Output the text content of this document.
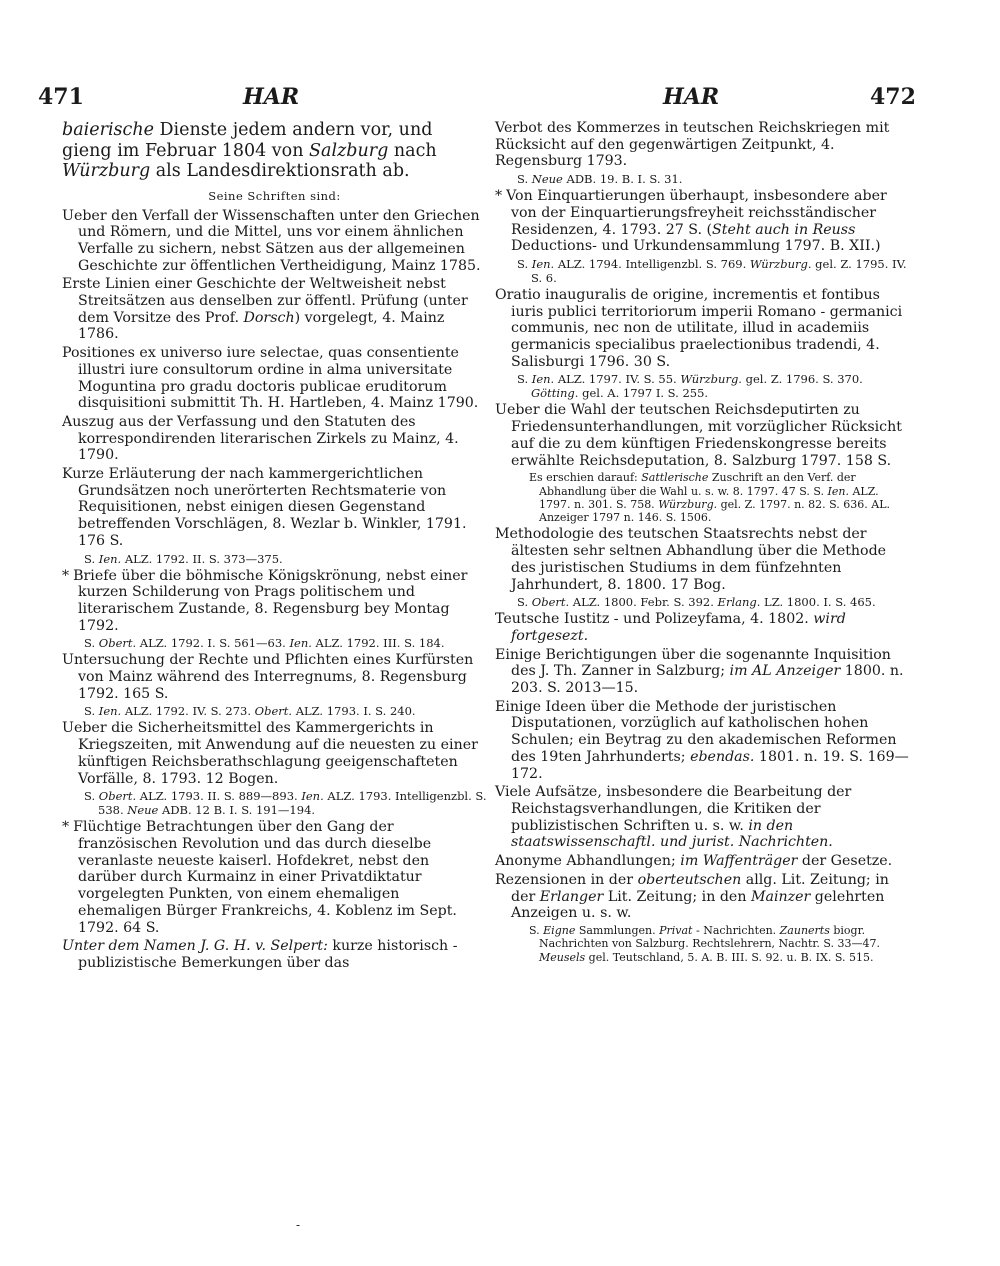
471	HAR	HAR	472

baierische Dienste jedem andern vor, und gieng im Februar 1804 von Salzburg nach Würzburg als Landesdirektionsrath ab.

Seine Schriften sind:

Ueber den Verfall der Wissenschaften unter den Griechen und Römern, und die Mittel, uns vor einem ähnlichen Verfalle zu sichern, nebst Sätzen aus der allgemeinen Geschichte zur öffentlichen Vertheidigung, Mainz 1785.

Erste Linien einer Geschichte der Weltweisheit nebst Streitsätzen aus denselben zur öffentl. Prüfung (unter dem Vorsitze des Prof. Dorsch) vorgelegt, 4. Mainz 1786.

Positiones ex universo iure selectae, quas consentiente illustri iure consultorum ordine in alma universitate Moguntina pro gradu doctoris publicae eruditorum disquisitioni submittit Th. H. Hartleben, 4. Mainz 1790.

Auszug aus der Verfassung und den Statuten des korrespondirenden literarischen Zirkels zu Mainz, 4. 1790.

Kurze Erläuterung der nach kammergerichtlichen Grundsätzen noch unerörterten Rechtsmaterie von Requisitionen, nebst einigen diesen Gegenstand betreffenden Vorschlägen, 8. Wezlar b. Winkler, 1791. 176 S.

S. Ien. ALZ. 1792. II. S. 373—375.

* Briefe über die böhmische Königskrönung, nebst einer kurzen Schilderung von Prags politischem und literarischem Zustande, 8. Regensburg bey Montag 1792.

S. Obert. ALZ. 1792. I. S. 561—63. Ien. ALZ. 1792. III. S. 184.

Untersuchung der Rechte und Pflichten eines Kurfürsten von Mainz während des Interregnums, 8. Regensburg 1792. 165 S.

S. Ien. ALZ. 1792. IV. S. 273. Obert. ALZ. 1793. I. S. 240.

Ueber die Sicherheitsmittel des Kammergerichts in Kriegszeiten, mit Anwendung auf die neuesten zu einer künftigen Reichsberathschlagung geeigenschafteten Vorfälle, 8. 1793. 12 Bogen.

S. Obert. ALZ. 1793. II. S. 889—893. Ien. ALZ. 1793. Intelligenzbl. S. 538. Neue ADB. 12 B. I. S. 191—194.

* Flüchtige Betrachtungen über den Gang der französischen Revolution und das durch dieselbe veranlaste neueste kaiserl. Hofdekret, nebst den darüber durch Kurmainz in einer Privatdiktatur vorgelegten Punkten, von einem ehemaligen ehemaligen Bürger Frankreichs, 4. Koblenz im Sept. 1792. 64 S.

Unter dem Namen J. G. H. v. Selpert: kurze historisch - publizistische Bemerkungen über das

Verbot des Kommerzes in teutschen Reichskriegen mit Rücksicht auf den gegenwärtigen Zeitpunkt, 4. Regensburg 1793.

S. Neue ADB. 19. B. I. S. 31.

* Von Einquartierungen überhaupt, insbesondere aber von der Einquartierungsfreyheit reichsständischer Residenzen, 4. 1793. 27 S. (Steht auch in Reuss Deductions- und Urkundensammlung 1797. B. XII.)

S. Ien. ALZ. 1794. Intelligenzbl. S. 769. Würzburg. gel. Z. 1795. IV. S. 6.

Oratio inauguralis de origine, incrementis et fontibus iuris publici territoriorum imperii Romano - germanici communis, nec non de utilitate, illud in academiis germanicis specialibus praelectionibus tradendi, 4. Salisburgi 1796. 30 S.

S. Ien. ALZ. 1797. IV. S. 55. Würzburg. gel. Z. 1796. S. 370. Götting. gel. A. 1797 I. S. 255.

Ueber die Wahl der teutschen Reichsdeputirten zu Friedensunterhandlungen, mit vorzüglicher Rücksicht auf die zu dem künftigen Friedenskongresse bereits erwählte Reichsdeputation, 8. Salzburg 1797. 158 S.

Es erschien darauf: Sattlerische Zuschrift an den Verf. der Abhandlung über die Wahl u. s. w. 8. 1797. 47 S. S. Ien. ALZ. 1797. n. 301. S. 758. Würzburg. gel. Z. 1797. n. 82. S. 636. AL. Anzeiger 1797 n. 146. S. 1506.

Methodologie des teutschen Staatsrechts nebst der ältesten sehr seltnen Abhandlung über die Methode des juristischen Studiums in dem fünfzehnten Jahrhundert, 8. 1800. 17 Bog.

S. Obert. ALZ. 1800. Febr. S. 392. Erlang. LZ. 1800. I. S. 465.

Teutsche Iustitz - und Polizeyfama, 4. 1802. wird fortgesezt.

Einige Berichtigungen über die sogenannte Inquisition des J. Th. Zanner in Salzburg; im AL Anzeiger 1800. n. 203. S. 2013—15.

Einige Ideen über die Methode der juristischen Disputationen, vorzüglich auf katholischen hohen Schulen; ein Beytrag zu den akademischen Reformen des 19ten Jahrhunderts; ebendas. 1801. n. 19. S. 169—172.

Viele Aufsätze, insbesondere die Bearbeitung der Reichstagsverhandlungen, die Kritiken der publizistischen Schriften u. s. w. in den staatswissenschaftl. und jurist. Nachrichten.

Anonyme Abhandlungen; im Waffenträger der Gesetze.

Rezensionen in der oberteutschen allg. Lit. Zeitung; in der Erlanger Lit. Zeitung; in den Mainzer gelehrten Anzeigen u. s. w.

S. Eigne Sammlungen. Privat - Nachrichten. Zaunerts biogr. Nachrichten von Salzburg. Rechtslehrern, Nachtr. S. 33—47. Meusels gel. Teutschland, 5. A. B. III. S. 92. u. B. IX. S. 515.

-
